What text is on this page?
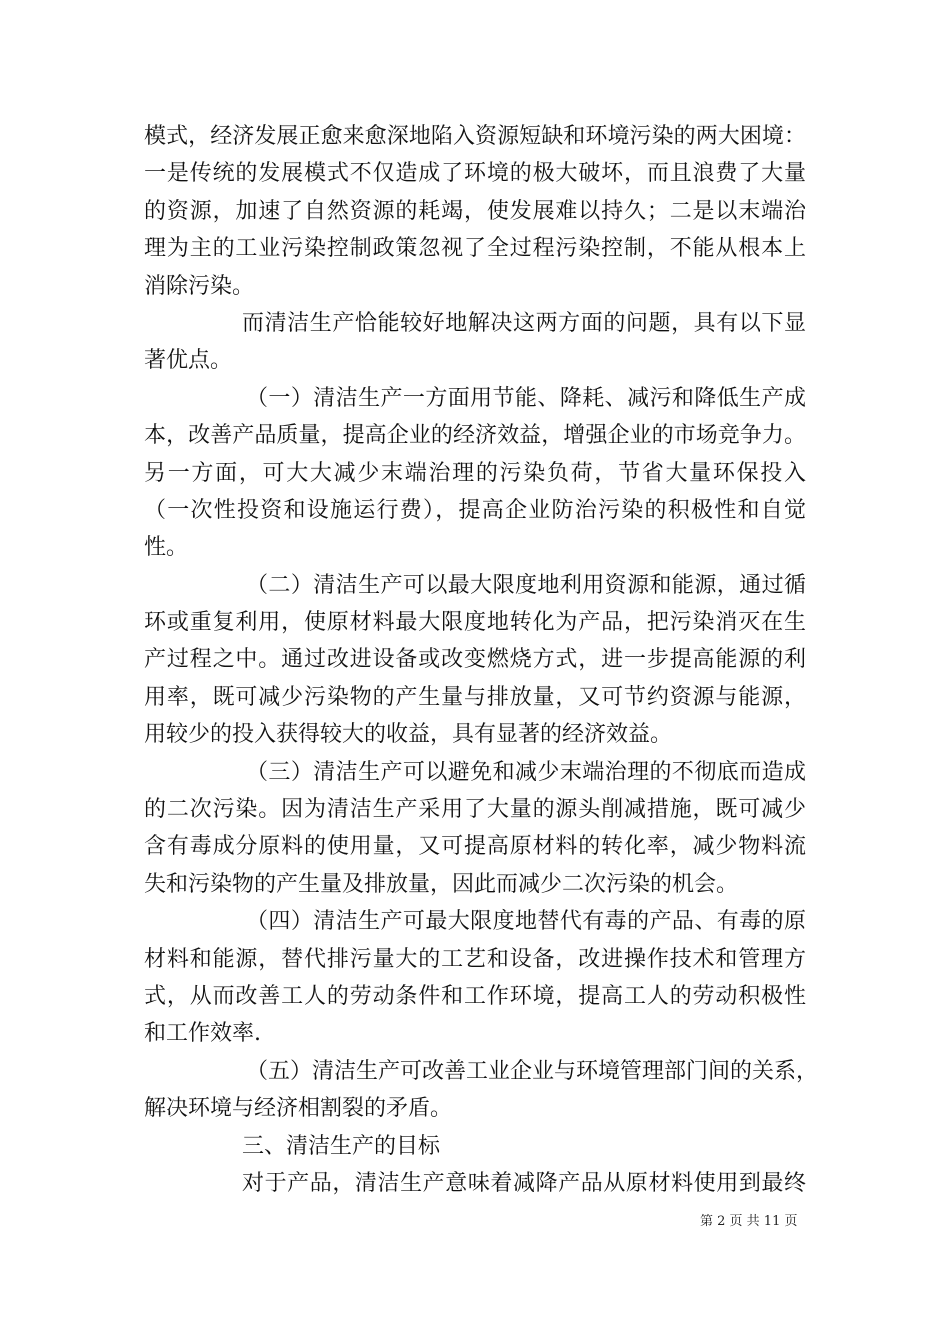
模式，经济发展正愈来愈深地陷入资源短缺和环境污染的两大困境：
一是传统的发展模式不仅造成了环境的极大破坏，而且浪费了大量
的资源，加速了自然资源的耗竭，使发展难以持久；二是以末端治
理为主的工业污染控制政策忽视了全过程污染控制，不能从根本上
消除污染。
而清洁生产恰能较好地解决这两方面的问题，具有以下显
著优点。
（一）清洁生产一方面用节能、降耗、减污和降低生产成
本，改善产品质量，提高企业的经济效益，增强企业的市场竞争力。
另一方面，可大大减少末端治理的污染负荷，节省大量环保投入
（一次性投资和设施运行费），提高企业防治污染的积极性和自觉
性。
（二）清洁生产可以最大限度地利用资源和能源，通过循
环或重复利用，使原材料最大限度地转化为产品，把污染消灭在生
产过程之中。通过改进设备或改变燃烧方式，进一步提高能源的利
用率，既可减少污染物的产生量与排放量，又可节约资源与能源，
用较少的投入获得较大的收益，具有显著的经济效益。
（三）清洁生产可以避免和减少末端治理的不彻底而造成
的二次污染。因为清洁生产采用了大量的源头削减措施，既可减少
含有毒成分原料的使用量，又可提高原材料的转化率，减少物料流
失和污染物的产生量及排放量，因此而减少二次污染的机会。
（四）清洁生产可最大限度地替代有毒的产品、有毒的原
材料和能源，替代排污量大的工艺和设备，改进操作技术和管理方
式，从而改善工人的劳动条件和工作环境，提高工人的劳动积极性
和工作效率.
（五）清洁生产可改善工业企业与环境管理部门间的关系，
解决环境与经济相割裂的矛盾。
三、清洁生产的目标
对于产品，清洁生产意味着减降产品从原材料使用到最终
第 2 页 共 11 页
